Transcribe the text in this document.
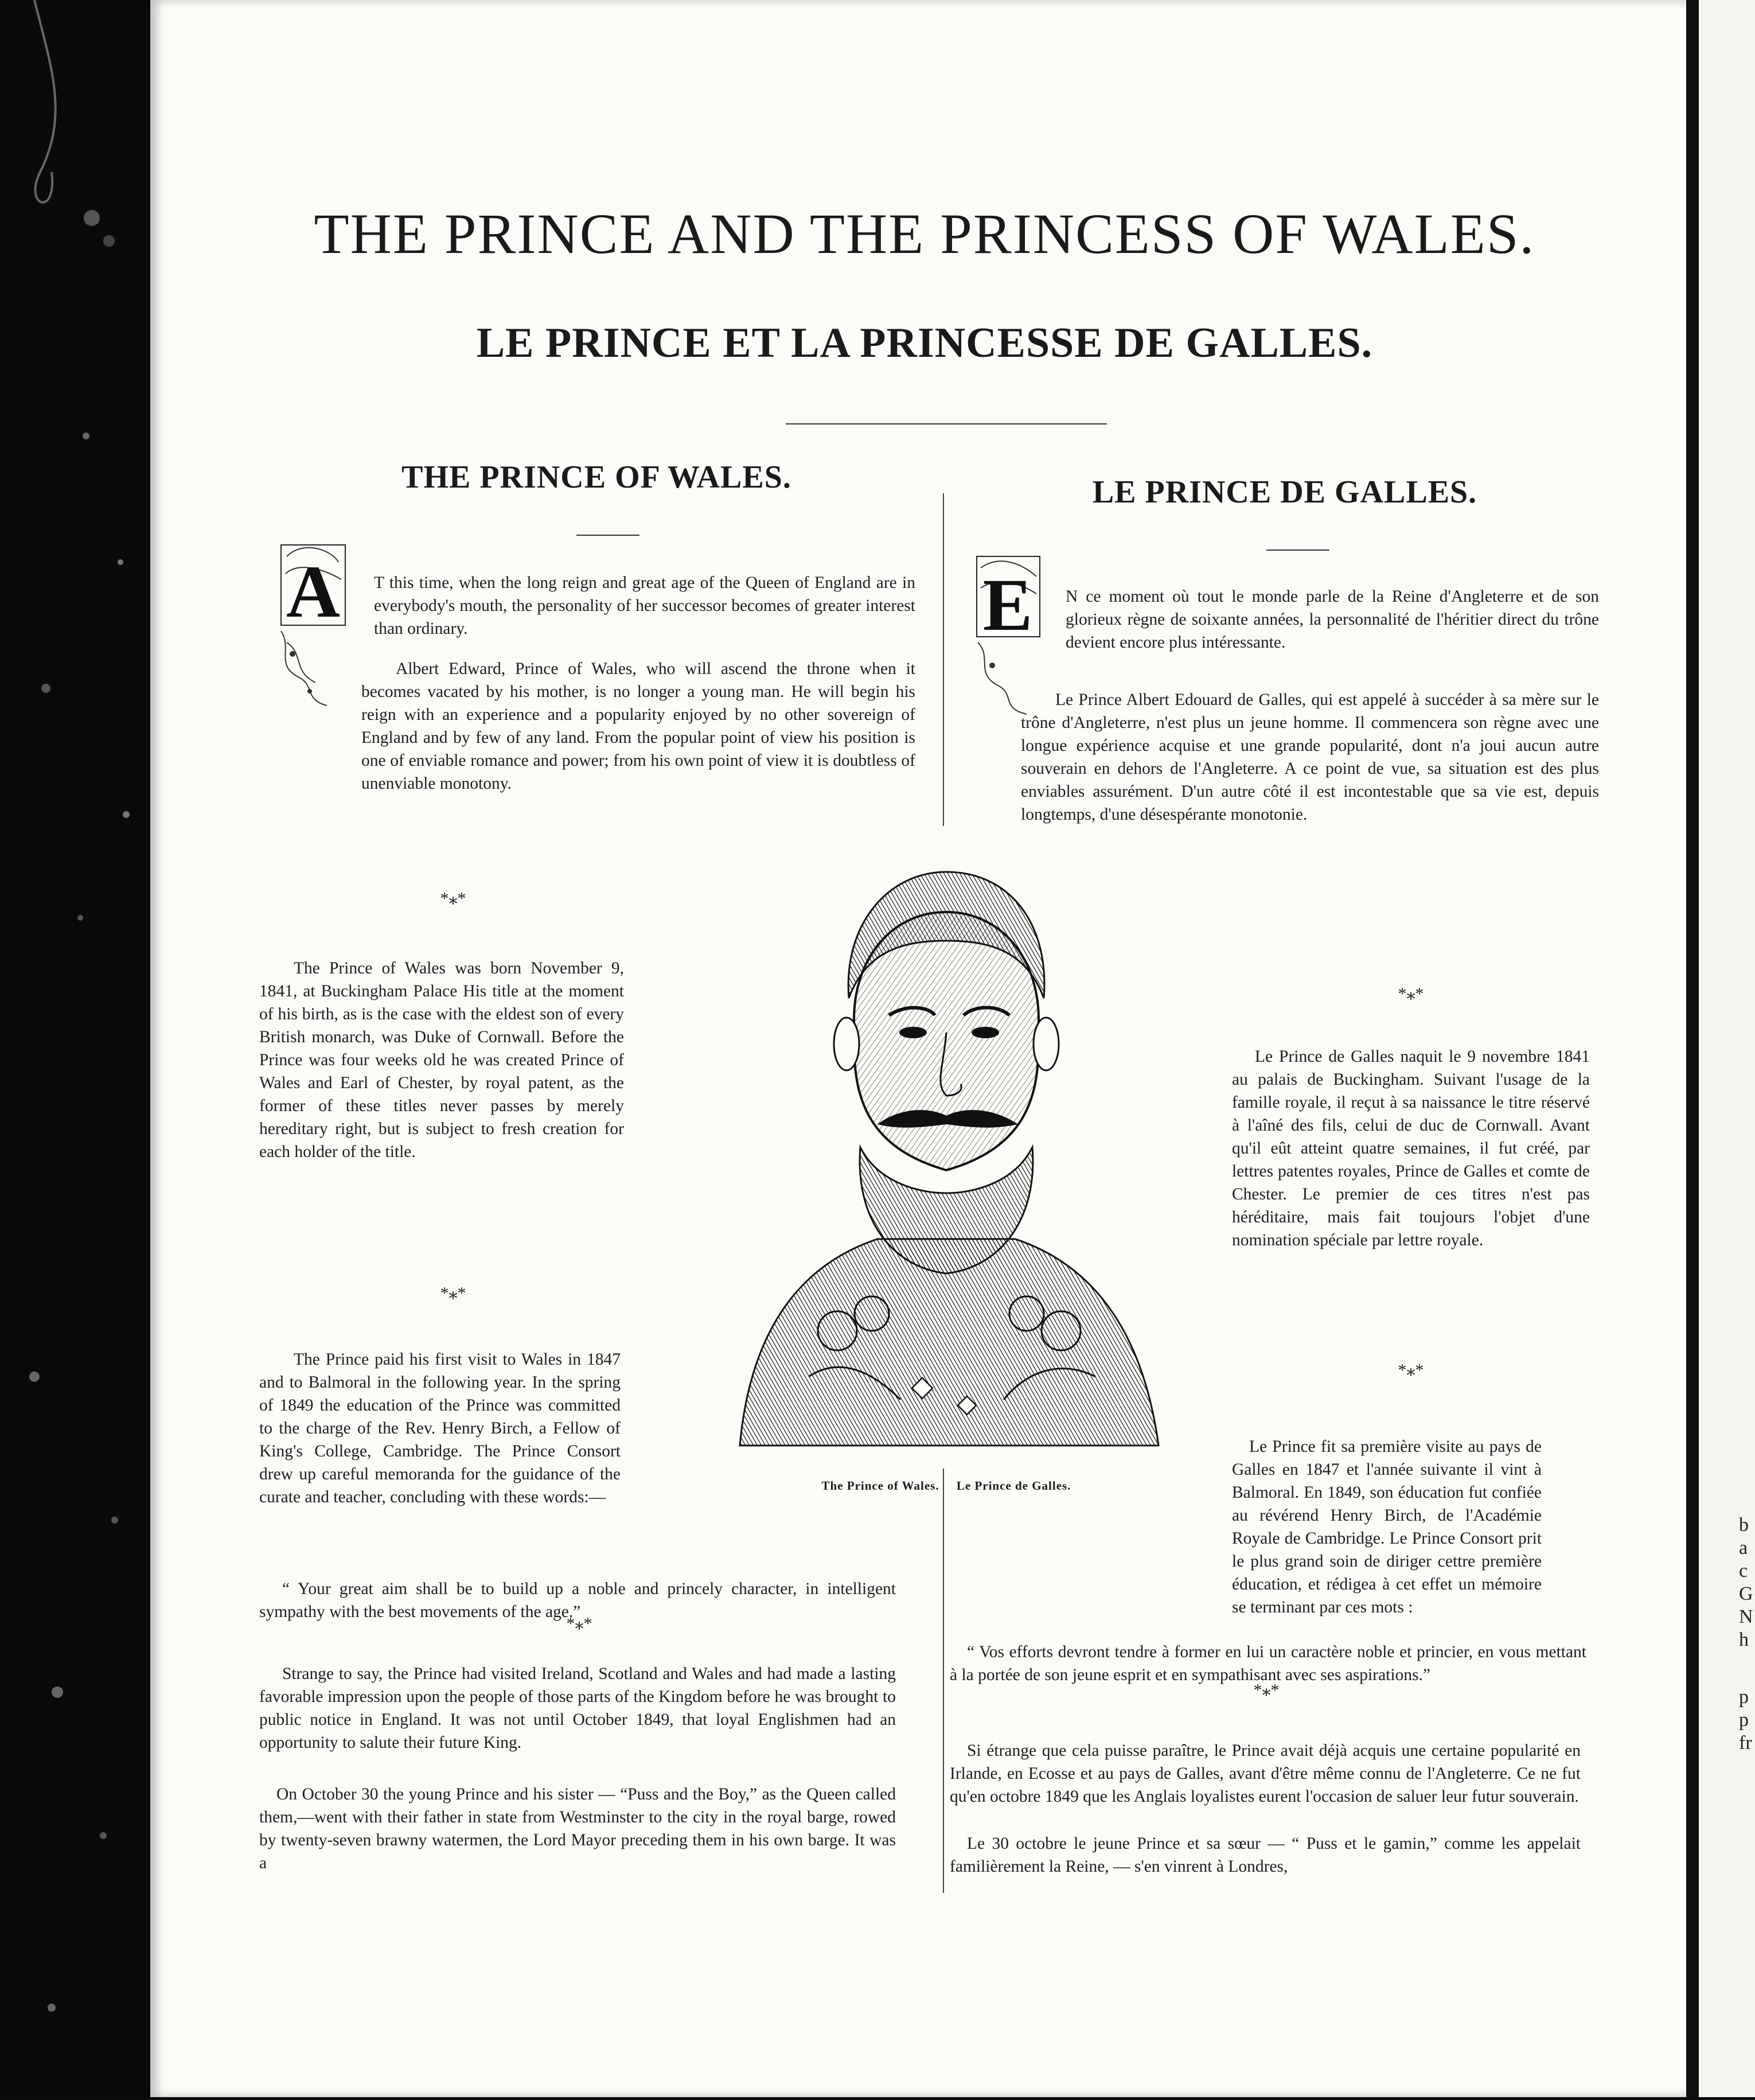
b
a
c
G
N
h
p
p
fr
THE PRINCE AND THE PRINCESS OF WALES.
LE PRINCE ET LA PRINCESSE DE GALLES.
THE PRINCE OF WALES.
A T this time, when the long reign and great age of the Queen of England are in everybody's mouth, the personality of her successor becomes of greater interest than ordinary.

Albert Edward, Prince of Wales, who will ascend the throne when it becomes vacated by his mother, is no longer a young man. He will begin his reign with an experience and a popularity enjoyed by no other sovereign of England and by few of any land. From the popular point of view his position is one of enviable romance and power; from his own point of view it is doubtless of unenviable monotony.

*⁎*

The Prince of Wales was born November 9, 1841, at Buckingham Palace His title at the moment of his birth, as is the case with the eldest son of every British monarch, was Duke of Cornwall. Before the Prince was four weeks old he was created Prince of Wales and Earl of Chester, by royal patent, as the former of these titles never passes by merely hereditary right, but is subject to fresh creation for each holder of the title.

*⁎*

The Prince paid his first visit to Wales in 1847 and to Balmoral in the following year. In the spring of 1849 the education of the Prince was committed to the charge of the Rev. Henry Birch, a Fellow of King's College, Cambridge. The Prince Consort drew up careful memoranda for the guidance of the curate and teacher, concluding with these words:—

“ Your great aim shall be to build up a noble and princely character, in intelligent sympathy with the best movements of the age.”

*⁎*

Strange to say, the Prince had visited Ireland, Scotland and Wales and had made a lasting favorable impression upon the people of those parts of the Kingdom before he was brought to public notice in England. It was not until October 1849, that loyal Englishmen had an opportunity to salute their future King.

On October 30 the young Prince and his sister — “Puss and the Boy,” as the Queen called them,—went with their father in state from Westminster to the city in the royal barge, rowed by twenty-seven brawny watermen, the Lord Mayor preceding them in his own barge. It was a

LE PRINCE DE GALLES.
E N ce moment où tout le monde parle de la Reine d'Angleterre et de son glorieux règne de soixante années, la personnalité de l'héritier direct du trône devient encore plus intéressante.

Le Prince Albert Edouard de Galles, qui est appelé à succéder à sa mère sur le trône d'Angleterre, n'est plus un jeune homme. Il commencera son règne avec une longue expérience acquise et une grande popularité, dont n'a joui aucun autre souverain en dehors de l'Angleterre. A ce point de vue, sa situation est des plus enviables assurément. D'un autre côté il est incontestable que sa vie est, depuis longtemps, d'une désespérante monotonie.

*⁎*

Le Prince de Galles naquit le 9 novembre 1841 au palais de Buckingham. Suivant l'usage de la famille royale, il reçut à sa naissance le titre réservé à l'aîné des fils, celui de duc de Cornwall. Avant qu'il eût atteint quatre semaines, il fut créé, par lettres patentes royales, Prince de Galles et comte de Chester. Le premier de ces titres n'est pas héréditaire, mais fait toujours l'objet d'une nomination spéciale par lettre royale.

*⁎*

Le Prince fit sa première visite au pays de Galles en 1847 et l'année suivante il vint à Balmoral. En 1849, son éducation fut confiée au révérend Henry Birch, de l'Académie Royale de Cambridge. Le Prince Consort prit le plus grand soin de diriger cettre première éducation, et rédigea à cet effet un mémoire se terminant par ces mots :

“ Vos efforts devront tendre à former en lui un caractère noble et princier, en vous mettant à la portée de son jeune esprit et en sympathisant avec ses aspirations.”

*⁎*

Si étrange que cela puisse paraître, le Prince avait déjà acquis une certaine popularité en Irlande, en Ecosse et au pays de Galles, avant d'être même connu de l'Angleterre. Ce ne fut qu'en octobre 1849 que les Anglais loyalistes eurent l'occasion de saluer leur futur souverain.

Le 30 octobre le jeune Prince et sa sœur — “ Puss et le gamin,” comme les appelait familièrement la Reine, — s'en vinrent à Londres,

The Prince of Wales. Le Prince de Galles.
